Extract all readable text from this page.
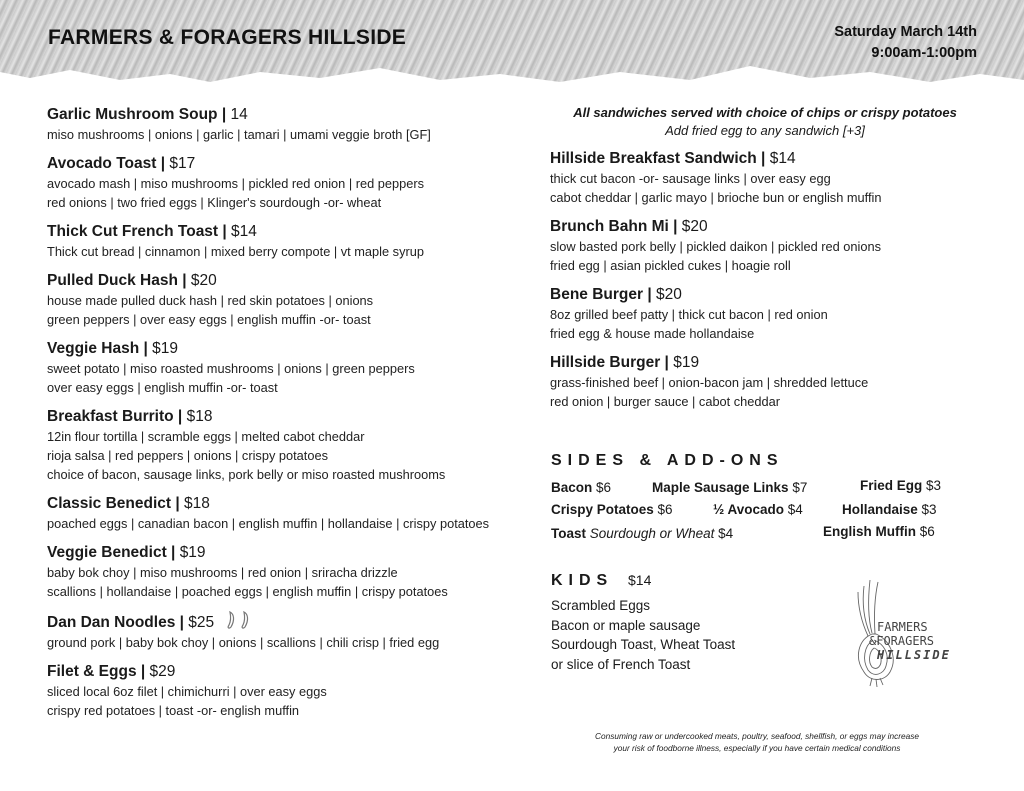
FARMERS & FORAGERS HILLSIDE	Saturday March 14th
9:00am-1:00pm
Garlic Mushroom Soup | 14
miso mushrooms | onions | garlic | tamari | umami veggie broth [GF]
Avocado Toast | $17
avocado mash | miso mushrooms | pickled red onion | red peppers
red onions | two fried eggs | Klinger's sourdough -or- wheat
Thick Cut French Toast | $14
Thick cut bread | cinnamon | mixed berry compote | vt maple syrup
Pulled Duck Hash | $20
house made pulled duck hash | red skin potatoes | onions
green peppers | over easy eggs | english muffin -or- toast
Veggie Hash | $19
sweet potato | miso roasted mushrooms | onions | green peppers
over easy eggs | english muffin -or- toast
Breakfast Burrito | $18
12in flour tortilla | scramble eggs | melted cabot cheddar
rioja salsa | red peppers | onions | crispy potatoes
choice of bacon, sausage links, pork belly or miso roasted mushrooms
Classic Benedict | $18
poached eggs | canadian bacon | english muffin | hollandaise | crispy potatoes
Veggie Benedict | $19
baby bok choy | miso mushrooms | red onion | sriracha drizzle
scallions | hollandaise | poached eggs | english muffin | crispy potatoes
Dan Dan Noodles | $25
ground pork | baby bok choy | onions | scallions | chili crisp | fried egg
Filet & Eggs | $29
sliced local 6oz filet | chimichurri | over easy eggs
crispy red potatoes | toast -or- english muffin
All sandwiches served with choice of chips or crispy potatoes
Add fried egg to any sandwich [+3]
Hillside Breakfast Sandwich | $14
thick cut bacon -or- sausage links | over easy egg
cabot cheddar | garlic mayo | brioche bun or english muffin
Brunch Bahn Mi | $20
slow basted pork belly | pickled daikon | pickled red onions
fried egg | asian pickled cukes | hoagie roll
Bene Burger | $20
8oz grilled beef patty | thick cut bacon | red onion
fried egg & house made hollandaise
Hillside Burger | $19
grass-finished beef | onion-bacon jam | shredded lettuce
red onion | burger sauce | cabot cheddar
SIDES & ADD-ONS
Bacon $6	Maple Sausage Links $7	Fried Egg $3
Crispy Potatoes $6	½ Avocado $4	Hollandaise $3
Toast Sourdough or Wheat $4	English Muffin $6
KIDS $14
Scrambled Eggs
Bacon or maple sausage
Sourdough Toast, Wheat Toast
or slice of French Toast
FARMERS
&FORAGERS
HILLSIDE
Consuming raw or undercooked meats, poultry, seafood, shellfish, or eggs may increase
your risk of foodborne illness, especially if you have certain medical conditions
